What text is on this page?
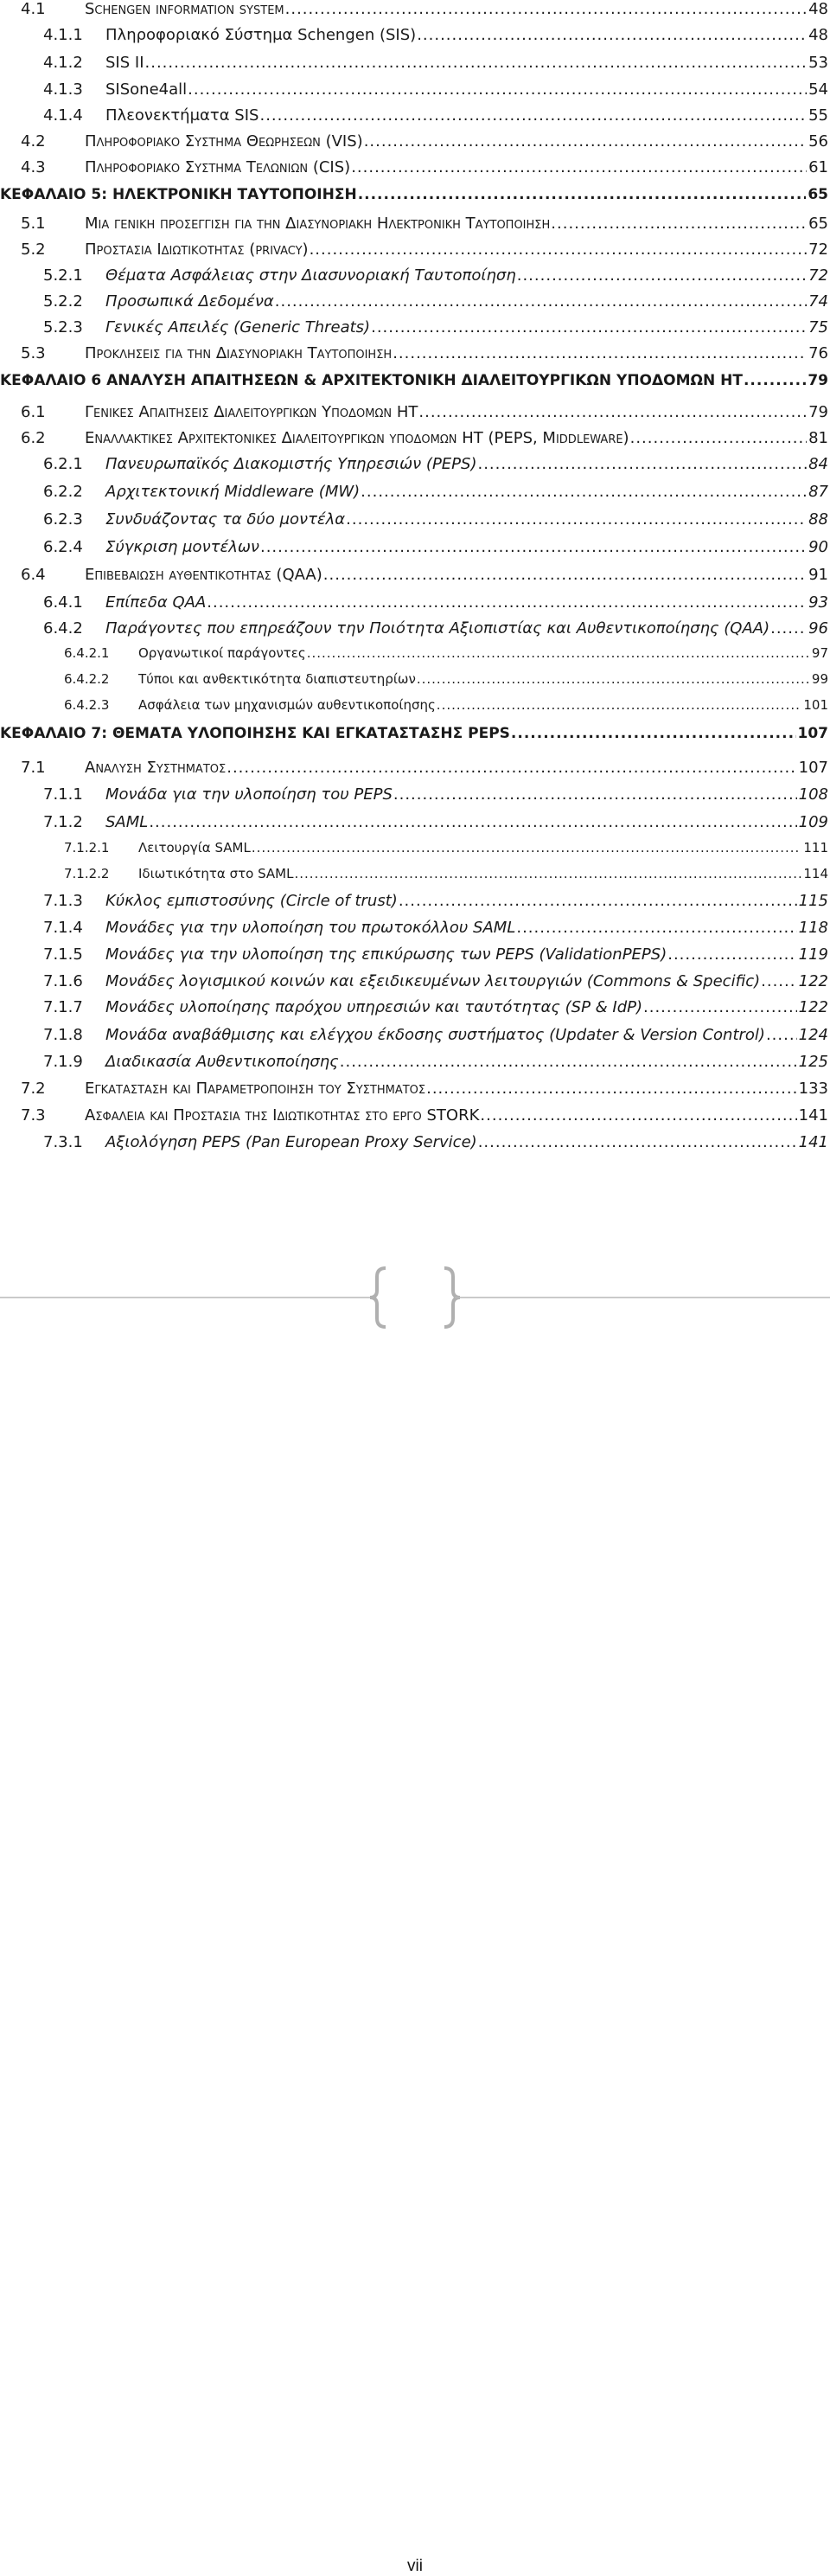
4.1	Schengen information system .....	48
4.1.1	Πληροφοριακό Σύστημα Schengen (SIS) .....	48
4.1.2	SIS II .....	53
4.1.3	SISone4all .....	54
4.1.4	Πλεονεκτήματα SIS .....	55
4.2	Πληροφοριακο Συστημα Θεωρησεων (VIS) .....	56
4.3	Πληροφοριακο Συστημα Τελωνιων (CIS) .....	61
ΚΕΦΑΛΑΙΟ 5: ΗΛΕΚΤΡΟΝΙΚΗ ΤΑΥΤΟΠΟΙΗΣΗ .....	65
5.1	Μια γενικη προσεγγιση για την Διασυνοριακη Ηλεκτρονικη Ταυτοποιηση .....	65
5.2	Προστασια Ιδιωτικοτητας (privacy) .....	72
5.2.1	Θέματα Ασφάλειας στην Διασυνοριακή Ταυτοποίηση .....	72
5.2.2	Προσωπικά Δεδομένα .....	74
5.2.3	Γενικές Απειλές (Generic Threats) .....	75
5.3	Προκλησεις για την Διασυνοριακη Ταυτοποιηση .....	76
ΚΕΦΑΛΑΙΟ 6 ΑΝΑΛΥΣΗ ΑΠΑΙΤΗΣΕΩΝ & ΑΡΧΙΤΕΚΤΟΝΙΚΗ ΔΙΑΛΕΙΤΟΥΡΓΙΚΩΝ ΥΠΟΔΟΜΩΝ ΗΤ .....	79
6.1	Γενικες Απαιτησεις Διαλειτουργικων Υποδομων ΗΤ .....	79
6.2	Εναλλακτικες Αρχιτεκτονικες Διαλειτουργικων υποδομων ΗΤ (PEPS, Middleware) .....	81
6.2.1	Πανευρωπαϊκός Διακομιστής Υπηρεσιών (PEPS) .....	84
6.2.2	Αρχιτεκτονική Middleware (MW) .....	87
6.2.3	Συνδυάζοντας τα δύο μοντέλα .....	88
6.2.4	Σύγκριση μοντέλων .....	90
6.4	Επιβεβαιωση αυθεντικοτητας (QAA) .....	91
6.4.1	Επίπεδα QAA .....	93
6.4.2	Παράγοντες που επηρεάζουν την Ποιότητα Αξιοπιστίας και Αυθεντικοποίησης (QAA) ..... 96
6.4.2.1	Οργανωτικοί παράγοντες .....	97
6.4.2.2	Τύποι και ανθεκτικότητα διαπιστευτηρίων .....	99
6.4.2.3	Ασφάλεια των μηχανισμών αυθεντικοποίησης .....	101
ΚΕΦΑΛΑΙΟ 7: ΘΕΜΑΤΑ ΥΛΟΠΟΙΗΣΗΣ ΚΑΙ ΕΓΚΑΤΑΣΤΑΣΗΣ PEPS .....	107
7.1	Αναλυση Συστηματος .....	107
7.1.1	Μονάδα για την υλοποίηση του PEPS .....	108
7.1.2	SAML .....	109
7.1.2.1	Λειτουργία SAML .....	111
7.1.2.2	Ιδιωτικότητα στο SAML .....	114
7.1.3	Κύκλος εμπιστοσύνης (Circle of trust) .....	115
7.1.4	Μονάδες για την υλοποίηση του πρωτοκόλλου SAML .....	118
7.1.5	Μονάδες για την υλοποίηση της επικύρωσης των PEPS (ValidationPEPS) .....	119
7.1.6	Μονάδες λογισμικού κοινών και εξειδικευμένων λειτουργιών (Commons & Specific) ..... 122
7.1.7	Μονάδες υλοποίησης παρόχου υπηρεσιών και ταυτότητας (SP & IdP) .....	122
7.1.8	Μονάδα αναβάθμισης και ελέγχου έκδοσης συστήματος (Updater & Version Control) ..... 124
7.1.9	Διαδικασία Αυθεντικοποίησης .....	125
7.2	Εγκατασταση και Παραμετροποιηση του Συστηματος .....	133
7.3	Ασφαλεια και Προστασια της Ιδιωτικοτητας στο εργο STORK .....	141
7.3.1	Αξιολόγηση PEPS (Pan European Proxy Service) .....	141
vii
